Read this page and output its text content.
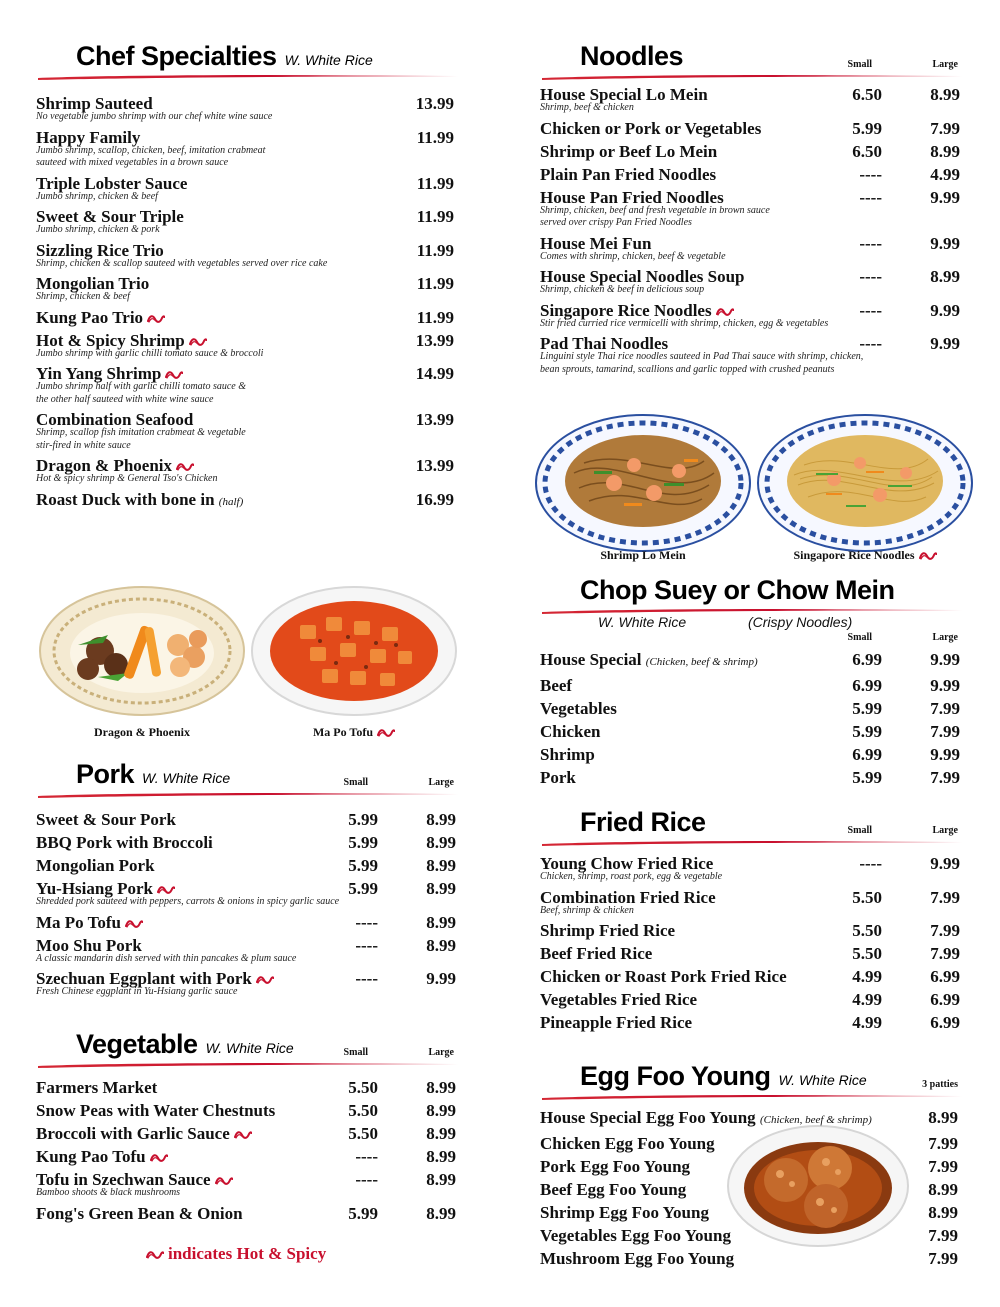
Chef Specialties W. White Rice
Shrimp Sauteed
No vegetable jumbo shrimp with our chef white wine sauce
13.99
Happy Family
Jumbo shrimp, scallop, chicken, beef, imitation crabmeat
sauteed with mixed vegetables in a brown sauce
11.99
Triple Lobster Sauce
Jumbo shrimp, chicken & beef
11.99
Sweet & Sour Triple
Jumbo shrimp, chicken & pork
11.99
Sizzling Rice Trio
Shrimp, chicken & scallop sauteed with vegetables served over rice cake
11.99
Mongolian Trio
Shrimp, chicken & beef
11.99
Kung Pao Trio	11.99
Hot & Spicy Shrimp
Jumbo shrimp with garlic chilli tomato sauce & broccoli
13.99
Yin Yang Shrimp
Jumbo shrimp half with garlic chilli tomato sauce &
the other half sauteed with white wine sauce
14.99
Combination Seafood
Shrimp, scallop fish imitation crabmeat & vegetable
stir-fired in white sauce
13.99
Dragon & Phoenix
Hot & spicy shrimp & General Tso's Chicken
13.99
Roast Duck with bone in (half)	16.99
Dragon & Phoenix	Ma Po Tofu
Pork W. White Rice	Small	Large
Sweet & Sour Pork	5.99	8.99
BBQ Pork with Broccoli	5.99	8.99
Mongolian Pork	5.99	8.99
Yu-Hsiang Pork
Shredded pork sauteed with peppers, carrots & onions in spicy garlic sauce
5.99	8.99
Ma Po Tofu	----	8.99
Moo Shu Pork
A classic mandarin dish served with thin pancakes & plum sauce
----	8.99
Szechuan Eggplant with Pork
Fresh Chinese eggplant in Yu-Hsiang garlic sauce
----	9.99
Vegetable W. White Rice	Small	Large
Farmers Market	5.50	8.99
Snow Peas with Water Chestnuts	5.50	8.99
Broccoli with Garlic Sauce	5.50	8.99
Kung Pao Tofu	----	8.99
Tofu in Szechwan Sauce
Bamboo shoots & black mushrooms
----	8.99
Fong's Green Bean & Onion	5.99	8.99
indicates Hot & Spicy
Noodles	Small	Large
House Special Lo Mein
Shrimp, beef & chicken
6.50	8.99
Chicken or Pork or Vegetables	5.99	7.99
Shrimp or Beef Lo Mein	6.50	8.99
Plain Pan Fried Noodles	----	4.99
House Pan Fried Noodles
Shrimp, chicken, beef and fresh vegetable in brown sauce
served over crispy Pan Fried Noodles
----	9.99
House Mei Fun
Comes with shrimp, chicken, beef & vegetable
----	9.99
House Special Noodles Soup
Shrimp, chicken & beef in delicious soup
----	8.99
Singapore Rice Noodles
Stir fried curried rice vermicelli with shrimp, chicken, egg & vegetables
----	9.99
Pad Thai Noodles
Linguini style Thai rice noodles sauteed in Pad Thai sauce with shrimp, chicken,
bean sprouts, tamarind, scallions and garlic topped with crushed peanuts
----	9.99
Shrimp Lo Mein	Singapore Rice Noodles
Chop Suey or Chow Mein
W. White Rice	(Crispy Noodles)
Small	Large
House Special (Chicken, beef & shrimp)	6.99	9.99
Beef	6.99	9.99
Vegetables	5.99	7.99
Chicken	5.99	7.99
Shrimp	6.99	9.99
Pork	5.99	7.99
Fried Rice	Small	Large
Young Chow Fried Rice
Chicken, shrimp, roast pork, egg & vegetable
----	9.99
Combination Fried Rice
Beef, shrimp & chicken
5.50	7.99
Shrimp Fried Rice	5.50	7.99
Beef Fried Rice	5.50	7.99
Chicken or Roast Pork Fried Rice	4.99	6.99
Vegetables Fried Rice	4.99	6.99
Pineapple Fried Rice	4.99	6.99
Egg Foo Young W. White Rice	3 patties
House Special Egg Foo Young (Chicken, beef & shrimp)	8.99
Chicken Egg Foo Young	7.99
Pork Egg Foo Young	7.99
Beef Egg Foo Young	8.99
Shrimp Egg Foo Young	8.99
Vegetables Egg Foo Young	7.99
Mushroom Egg Foo Young	7.99
